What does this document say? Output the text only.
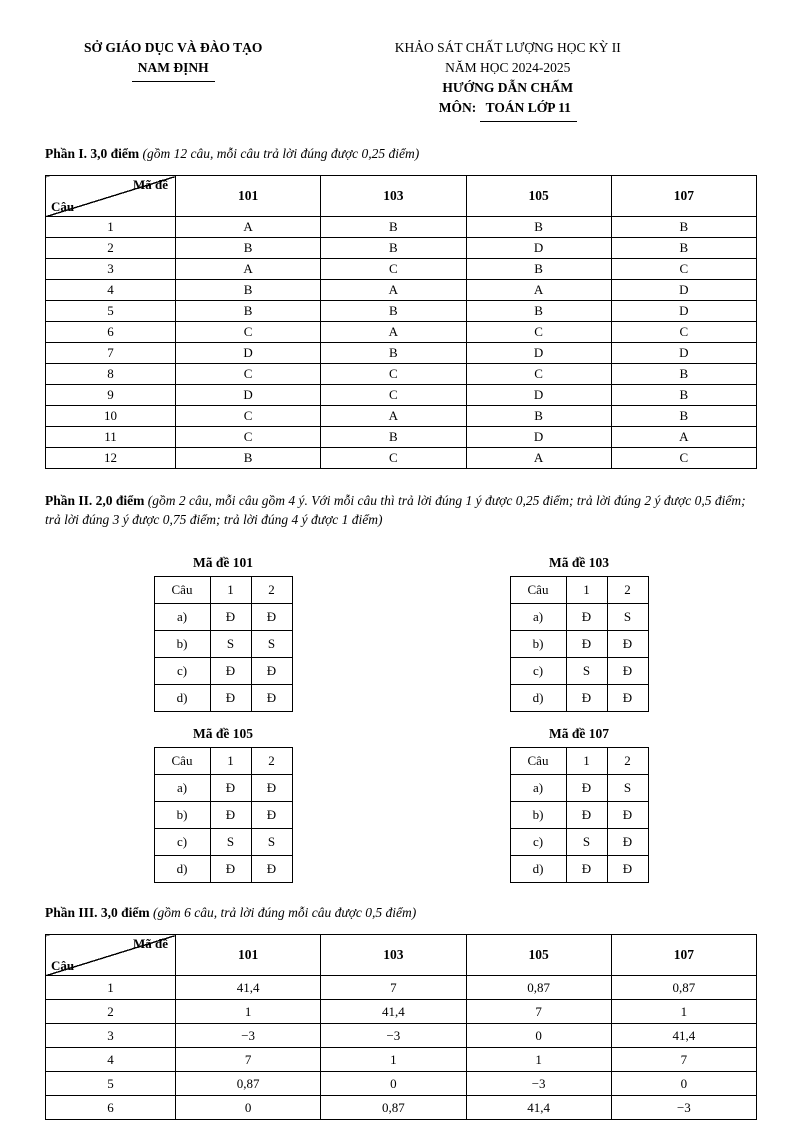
SỞ GIÁO DỤC VÀ ĐÀO TẠO
NAM ĐỊNH
KHẢO SÁT CHẤT LƯỢNG HỌC KỲ II
NĂM HỌC 2024-2025
HƯỚNG DẪN CHẤM
MÔN: TOÁN LỚP 11
Phần I. 3,0 điểm (gồm 12 câu, mỗi câu trả lời đúng được 0,25 điểm)
Mã đề
Câu	101	103	105	107
1	A	B	B	B
2	B	B	D	B
3	A	C	B	C
4	B	A	A	D
5	B	B	B	D
6	C	A	C	C
7	D	B	D	D
8	C	C	C	B
9	D	C	D	B
10	C	A	B	B
11	C	B	D	A
12	B	C	A	C
Phần II. 2,0 điểm (gồm 2 câu, mỗi câu gồm 4 ý. Với mỗi câu thì trả lời đúng 1 ý được 0,25 điểm; trả lời đúng 2 ý được 0,5 điểm; trả lời đúng 3 ý được 0,75 điểm; trả lời đúng 4 ý được 1 điểm)
Mã đề 101
Câu	1	2
a)	Đ	Đ
b)	S	S
c)	Đ	Đ
d)	Đ	Đ
Mã đề 103
Câu	1	2
a)	Đ	S
b)	Đ	Đ
c)	S	Đ
d)	Đ	Đ
Mã đề 105
Câu	1	2
a)	Đ	Đ
b)	Đ	Đ
c)	S	S
d)	Đ	Đ
Mã đề 107
Câu	1	2
a)	Đ	S
b)	Đ	Đ
c)	S	Đ
d)	Đ	Đ
Phần III. 3,0 điểm (gồm 6 câu, trả lời đúng mỗi câu được 0,5 điểm)
Mã đề
Câu	101	103	105	107
1	41,4	7	0,87	0,87
2	1	41,4	7	1
3	−3	−3	0	41,4
4	7	1	1	7
5	0,87	0	−3	0
6	0	0,87	41,4	−3
